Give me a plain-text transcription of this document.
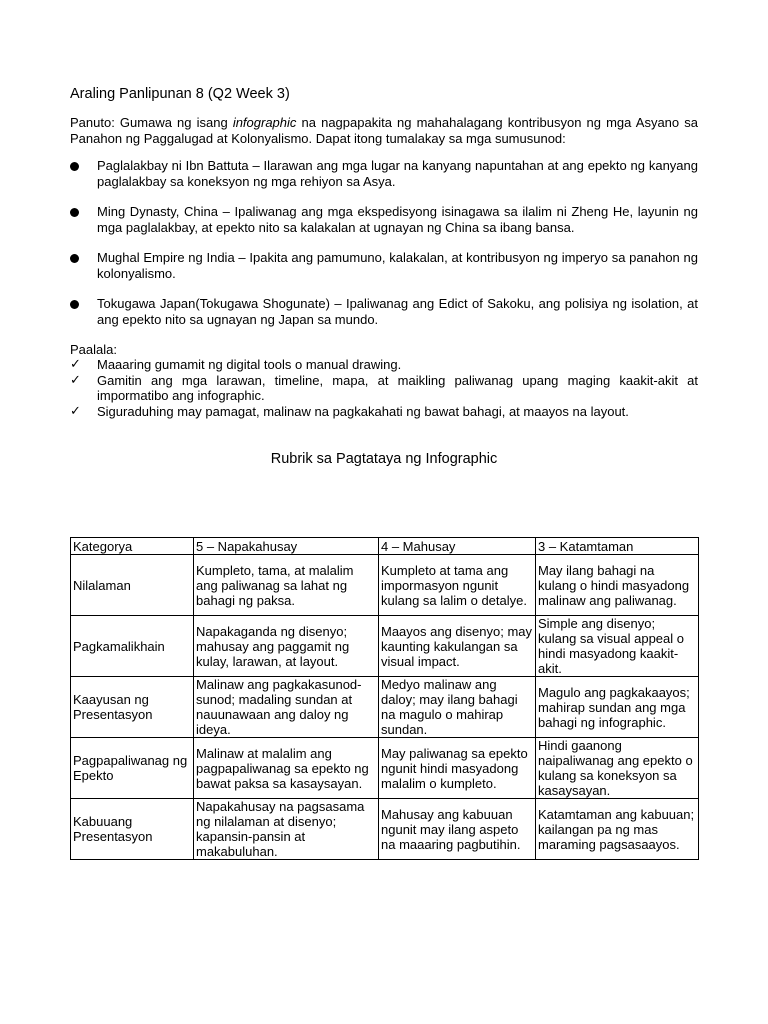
Araling Panlipunan 8 (Q2 Week 3)

Panuto: Gumawa ng isang infographic na nagpapakita ng mahahalagang kontribusyon ng mga Asyano sa Panahon ng Paggalugad at Kolonyalismo. Dapat itong tumalakay sa mga sumusunod:

Paglalakbay ni Ibn Battuta – Ilarawan ang mga lugar na kanyang napuntahan at ang epekto ng kanyang paglalakbay sa koneksyon ng mga rehiyon sa Asya.
Ming Dynasty, China – Ipaliwanag ang mga ekspedisyong isinagawa sa ilalim ni Zheng He, layunin ng mga paglalakbay, at epekto nito sa kalakalan at ugnayan ng China sa ibang bansa.
Mughal Empire ng India – Ipakita ang pamumuno, kalakalan, at kontribusyon ng imperyo sa panahon ng kolonyalismo.
Tokugawa Japan(Tokugawa Shogunate) – Ipaliwanag ang Edict of Sakoku, ang polisiya ng isolation, at ang epekto nito sa ugnayan ng Japan sa mundo.
Paalala:
✓ Maaaring gumamit ng digital tools o manual drawing.
✓ Gamitin ang mga larawan, timeline, mapa, at maikling paliwanag upang maging kaakit-akit at impormatibo ang infographic.
✓ Siguraduhing may pamagat, malinaw na pagkakahati ng bawat bahagi, at maayos na layout.
Rubrik sa Pagtataya ng Infographic
Kategorya	5 – Napakahusay	4 – Mahusay	3 – Katamtaman
Nilalaman	Kumpleto, tama, at malalim ang paliwanag sa lahat ng bahagi ng paksa.	Kumpleto at tama ang impormasyon ngunit kulang sa lalim o detalye.	May ilang bahagi na kulang o hindi masyadong malinaw ang paliwanag.
Pagkamalikhain	Napakaganda ng disenyo; mahusay ang paggamit ng kulay, larawan, at layout.	Maayos ang disenyo; may kaunting kakulangan sa visual impact.	Simple ang disenyo; kulang sa visual appeal o hindi masyadong kaakit-akit.
Kaayusan ng Presentasyon	Malinaw ang pagkakasunod-sunod; madaling sundan at nauunawaan ang daloy ng ideya.	Medyo malinaw ang daloy; may ilang bahagi na magulo o mahirap sundan.	Magulo ang pagkakaayos; mahirap sundan ang mga bahagi ng infographic.
Pagpapaliwanag ng Epekto	Malinaw at malalim ang pagpapaliwanag sa epekto ng bawat paksa sa kasaysayan.	May paliwanag sa epekto ngunit hindi masyadong malalim o kumpleto.	Hindi gaanong naipaliwanag ang epekto o kulang sa koneksyon sa kasaysayan.
Kabuuang Presentasyon	Napakahusay na pagsasama ng nilalaman at disenyo; kapansin-pansin at makabuluhan.	Mahusay ang kabuuan ngunit may ilang aspeto na maaaring pagbutihin.	Katamtaman ang kabuuan; kailangan pa ng mas maraming pagsasaayos.
